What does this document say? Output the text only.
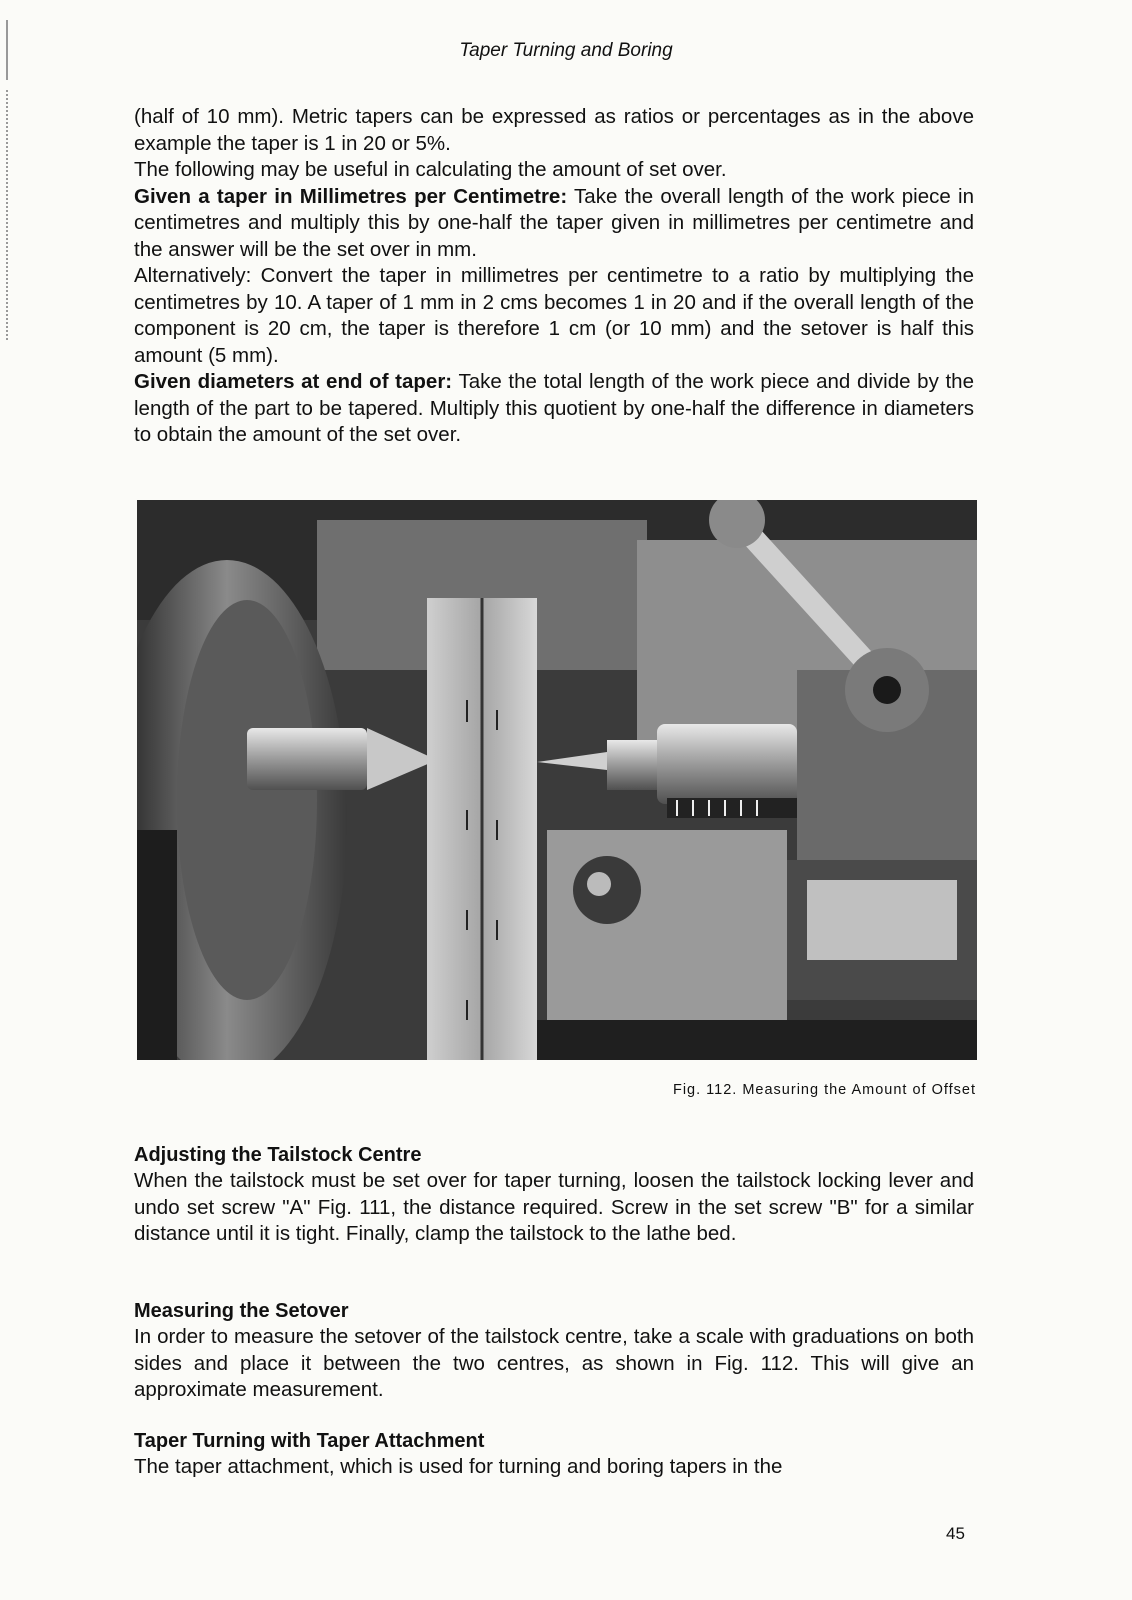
Taper Turning and Boring

(half of 10 mm). Metric tapers can be expressed as ratios or percentages as in the above example the taper is 1 in 20 or 5%.

The following may be useful in calculating the amount of set over.

Given a taper in Millimetres per Centimetre: Take the overall length of the work piece in centimetres and multiply this by one-half the taper given in millimetres per centimetre and the answer will be the set over in mm.

Alternatively: Convert the taper in millimetres per centimetre to a ratio by multiplying the centimetres by 10. A taper of 1 mm in 2 cms becomes 1 in 20 and if the overall length of the component is 20 cm, the taper is therefore 1 cm (or 10 mm) and the setover is half this amount (5 mm).

Given diameters at end of taper: Take the total length of the work piece and divide by the length of the part to be tapered. Multiply this quotient by one-half the difference in diameters to obtain the amount of the set over.

Fig. 112. Measuring the Amount of Offset
Adjusting the Tailstock Centre

When the tailstock must be set over for taper turning, loosen the tailstock locking lever and undo set screw "A" Fig. 111, the distance required. Screw in the set screw "B" for a similar distance until it is tight. Finally, clamp the tailstock to the lathe bed.

Measuring the Setover

In order to measure the setover of the tailstock centre, take a scale with graduations on both sides and place it between the two centres, as shown in Fig. 112. This will give an approximate measurement.

Taper Turning with Taper Attachment

The taper attachment, which is used for turning and boring tapers in the

45
